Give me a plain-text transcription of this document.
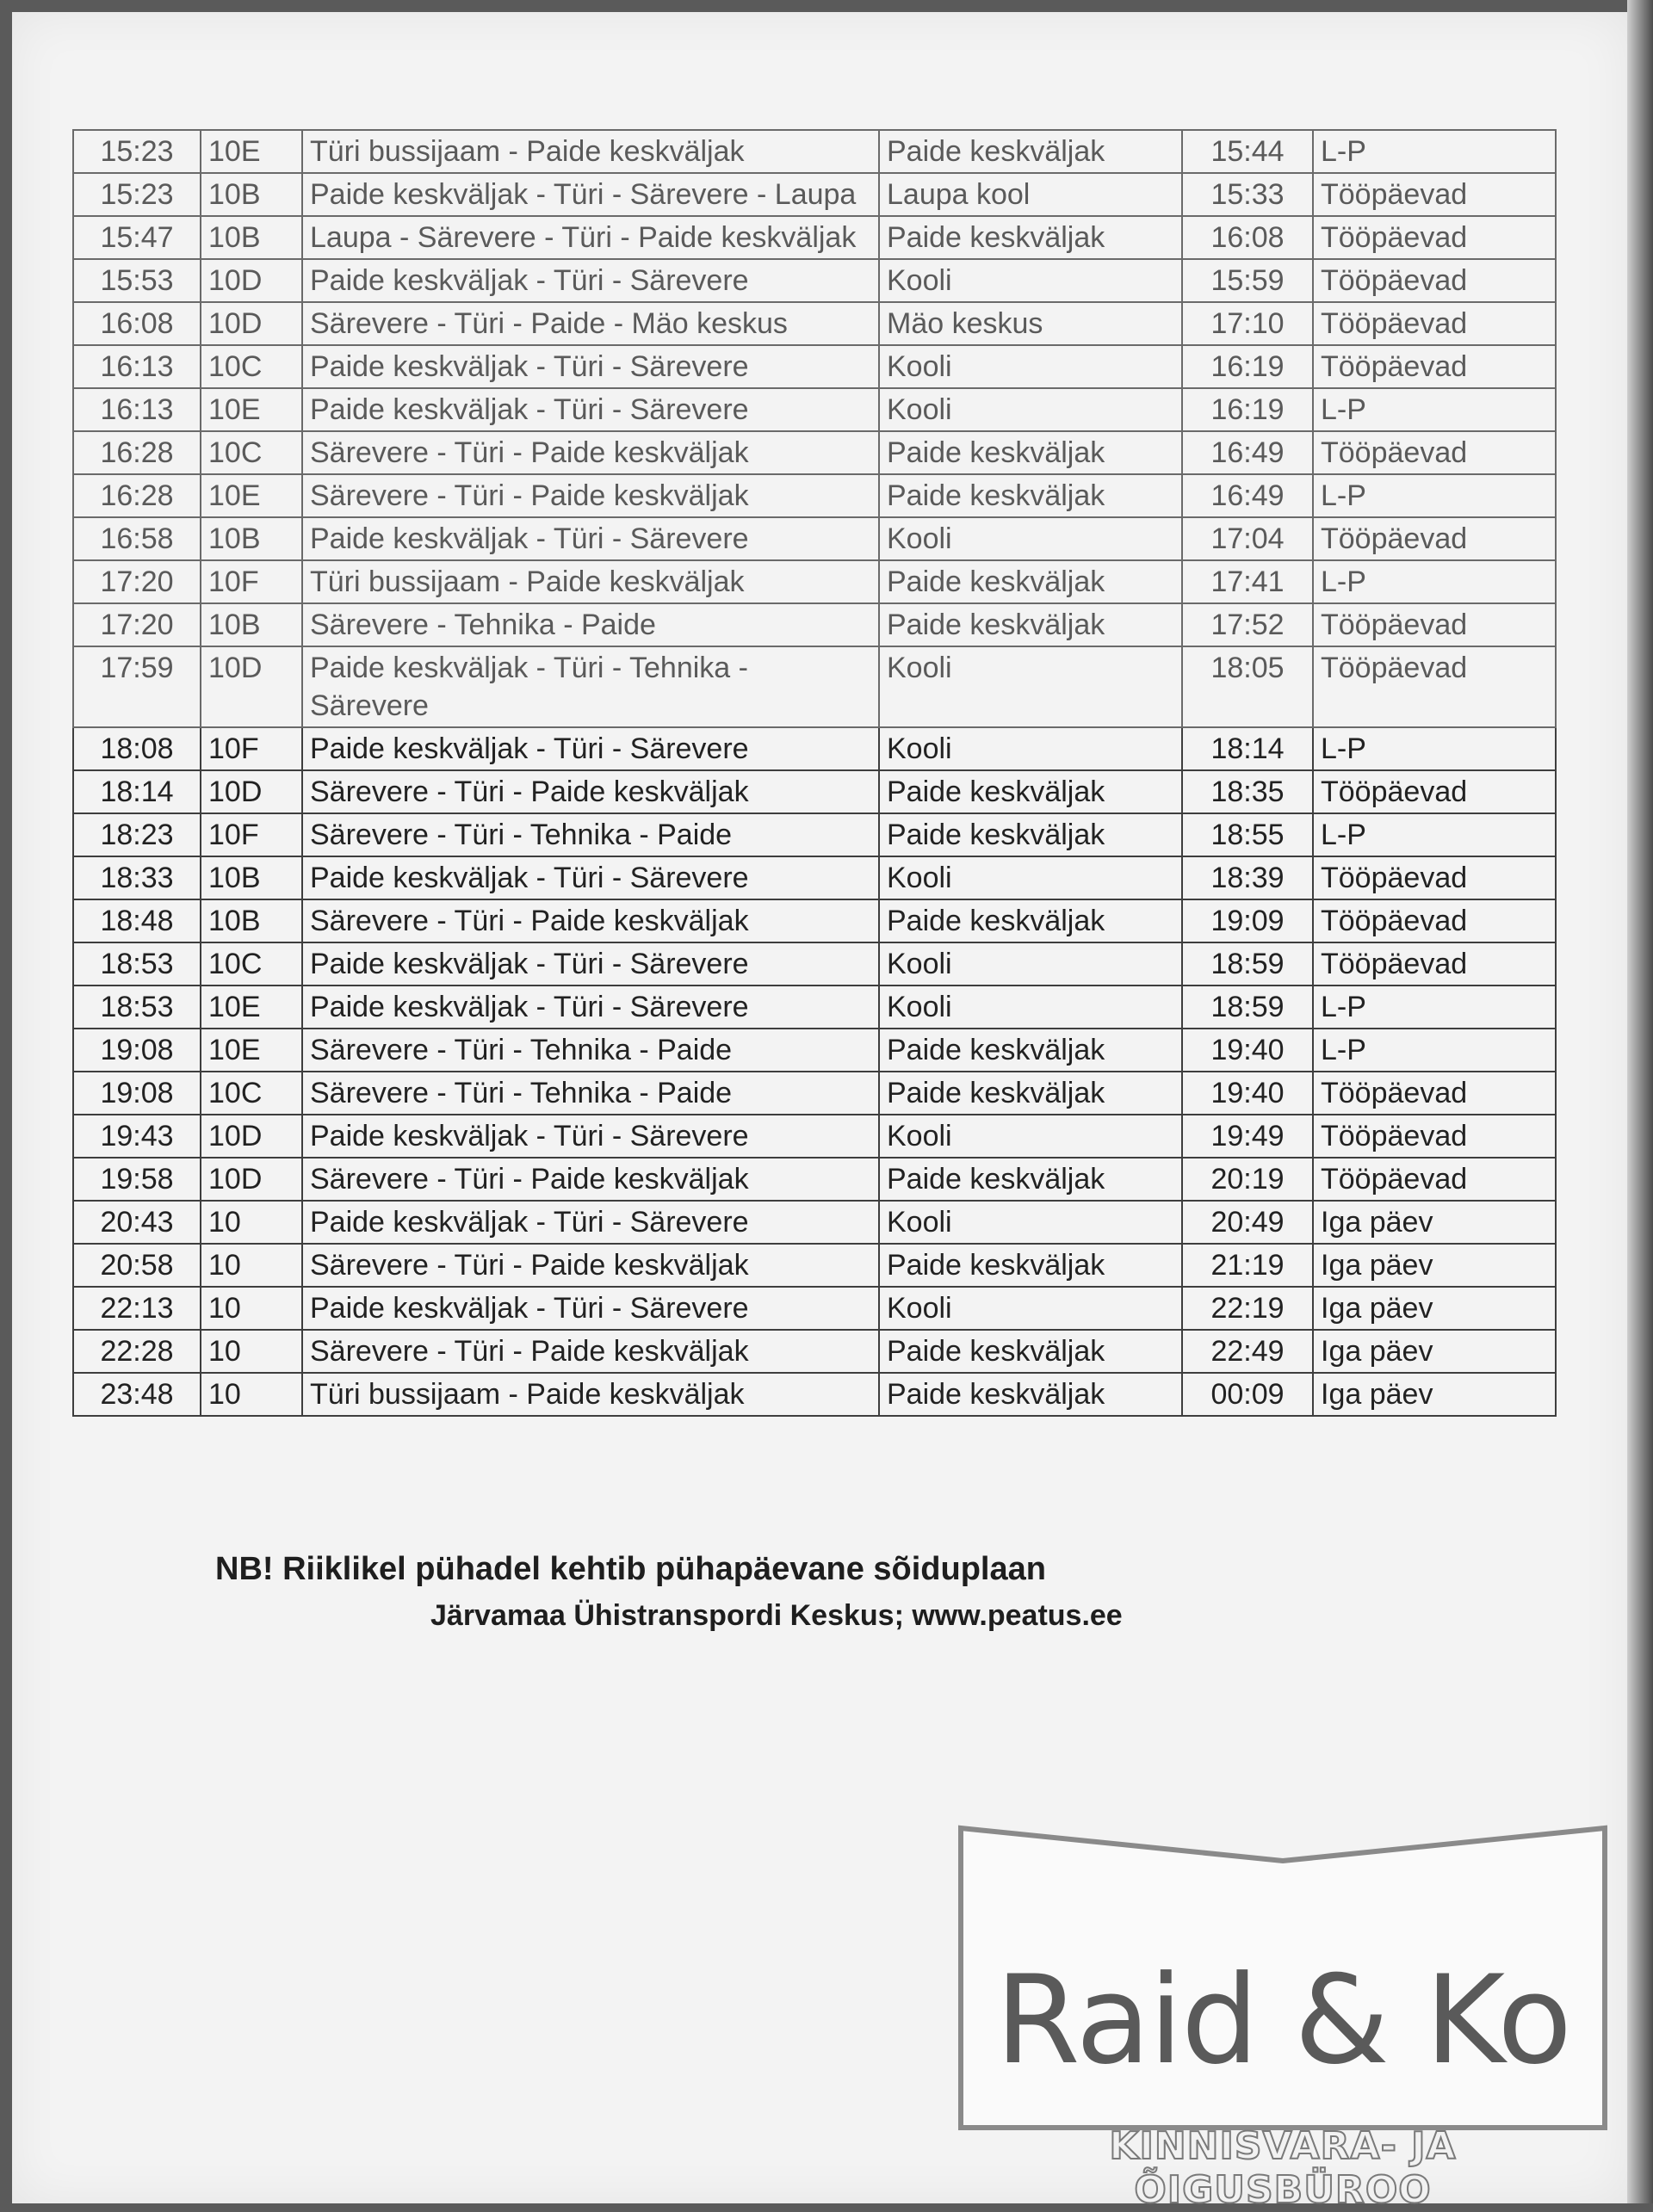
15:23	10E	Türi bussijaam - Paide keskväljak	Paide keskväljak	15:44	L-P
15:23	10B	Paide keskväljak - Türi - Särevere - Laupa	Laupa kool	15:33	Tööpäevad
15:47	10B	Laupa - Särevere - Türi - Paide keskväljak	Paide keskväljak	16:08	Tööpäevad
15:53	10D	Paide keskväljak - Türi - Särevere	Kooli	15:59	Tööpäevad
16:08	10D	Särevere - Türi - Paide - Mäo keskus	Mäo keskus	17:10	Tööpäevad
16:13	10C	Paide keskväljak - Türi - Särevere	Kooli	16:19	Tööpäevad
16:13	10E	Paide keskväljak - Türi - Särevere	Kooli	16:19	L-P
16:28	10C	Särevere - Türi - Paide keskväljak	Paide keskväljak	16:49	Tööpäevad
16:28	10E	Särevere - Türi - Paide keskväljak	Paide keskväljak	16:49	L-P
16:58	10B	Paide keskväljak - Türi - Särevere	Kooli	17:04	Tööpäevad
17:20	10F	Türi bussijaam - Paide keskväljak	Paide keskväljak	17:41	L-P
17:20	10B	Särevere - Tehnika - Paide	Paide keskväljak	17:52	Tööpäevad
17:59	10D	Paide keskväljak - Türi - Tehnika - Särevere	Kooli	18:05	Tööpäevad
18:08	10F	Paide keskväljak - Türi - Särevere	Kooli	18:14	L-P
18:14	10D	Särevere - Türi - Paide keskväljak	Paide keskväljak	18:35	Tööpäevad
18:23	10F	Särevere - Türi - Tehnika - Paide	Paide keskväljak	18:55	L-P
18:33	10B	Paide keskväljak - Türi - Särevere	Kooli	18:39	Tööpäevad
18:48	10B	Särevere - Türi - Paide keskväljak	Paide keskväljak	19:09	Tööpäevad
18:53	10C	Paide keskväljak - Türi - Särevere	Kooli	18:59	Tööpäevad
18:53	10E	Paide keskväljak - Türi - Särevere	Kooli	18:59	L-P
19:08	10E	Särevere - Türi - Tehnika - Paide	Paide keskväljak	19:40	L-P
19:08	10C	Särevere - Türi - Tehnika - Paide	Paide keskväljak	19:40	Tööpäevad
19:43	10D	Paide keskväljak - Türi - Särevere	Kooli	19:49	Tööpäevad
19:58	10D	Särevere - Türi - Paide keskväljak	Paide keskväljak	20:19	Tööpäevad
20:43	10	Paide keskväljak - Türi - Särevere	Kooli	20:49	Iga päev
20:58	10	Särevere - Türi - Paide keskväljak	Paide keskväljak	21:19	Iga päev
22:13	10	Paide keskväljak - Türi - Särevere	Kooli	22:19	Iga päev
22:28	10	Särevere - Türi - Paide keskväljak	Paide keskväljak	22:49	Iga päev
23:48	10	Türi bussijaam - Paide keskväljak	Paide keskväljak	00:09	Iga päev
NB! Riiklikel pühadel kehtib pühapäevane sõiduplaan
Järvamaa Ühistranspordi Keskus; www.peatus.ee
Raid & Ko
KINNISVARA- JA ÕIGUSBÜROO
